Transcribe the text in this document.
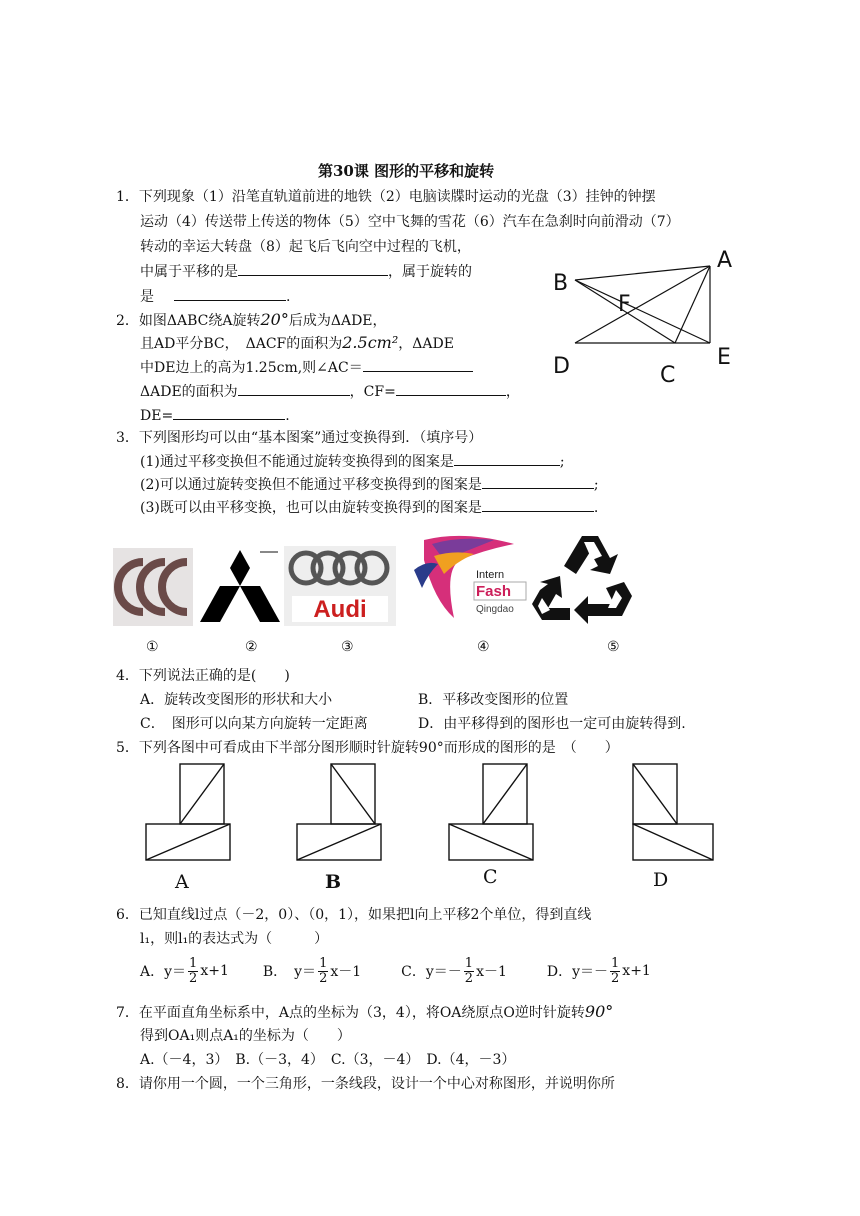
第30课 图形的平移和旋转
1．下列现象（1）沿笔直轨道前进的地铁（2）电脑读牒时运动的光盘（3）挂钟的钟摆
运动（4）传送带上传送的物体（5）空中飞舞的雪花（6）汽车在急刹时向前滑动（7）
转动的幸运大转盘（8）起飞后飞向空中过程的飞机，
中属于平移的是	，属于旋转的
是	.
2．如图ΔABC绕A旋转20°后成为ΔADE，
且AD平分BC，　ΔACF的面积为2.5cm²，ΔADE
中DE边上的高为1.25cm,则∠AC＝
ΔADE的面积为	，CF=	，
DE=	.
A
B
F
D	C
E
3．下列图形均可以由“基本图案”通过变换得到．（填序号）
(1)通过平移变换但不能通过旋转变换得到的图案是	;
(2)可以通过旋转变换但不能通过平移变换得到的图案是	;
(3)既可以由平移变换，也可以由旋转变换得到的图案是	.
Audi
Intern
Fash
Qingdao
①	②	③	④	⑤
4．下列说法正确的是(　　)
A．旋转改变图形的形状和大小	B．平移改变图形的位置
C．　图形可以向某方向旋转一定距离	D．由平移得到的图形也一定可由旋转得到.
5．下列各图中可看成由下半部分图形顺时针旋转90°而形成的图形的是　（　　）
A	B	C	D
6．已知直线l过点（－2，0）、（0，1），如果把l向上平移2个单位，得到直线
l₁，则l₁的表达式为（　　　）
A．$y= \frac{1}{2} x+1$ B．　$y= \frac{1}{2} x-1$	C．$y=- \frac{1}{2} x-1$	D．$y=- \frac{1}{2} x+1$
7．在平面直角坐标系中，A点的坐标为（3，4），将OA绕原点O逆时针旋转90°
得到OA₁则点A₁的坐标为（　　）
A.（－4，3）　B.（－3，4）　C.（3，－4）　D.（4，－3）
8．请你用一个圆，一个三角形，一条线段，设计一个中心对称图形，并说明你所
